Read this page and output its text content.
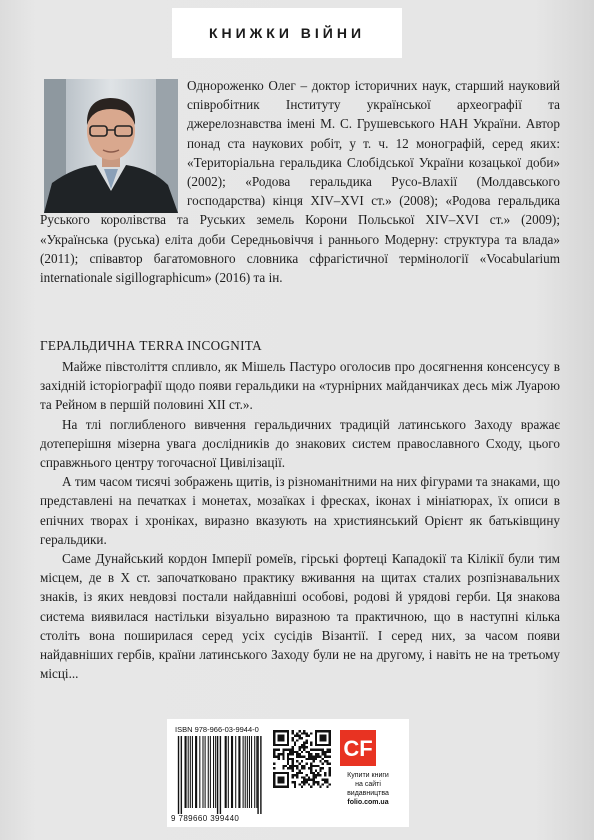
КНИЖКИ ВІЙНИ

Однороженко Олег – доктор історичних наук, старший науковий співробітник Інституту української археографії та джерелознавства імені М. С. Грушевського НАН України. Автор понад ста наукових робіт, у т. ч. 12 монографій, серед яких: «Територіальна геральдика Слобідської України козацької доби» (2002); «Родова геральдика Русо-Влахії (Молдавського господарства) кінця XIV–XVI ст.» (2008); «Родова геральдика Руського королівства та Руських земель Корони Польської XIV–XVI ст.» (2009); «Українська (руська) еліта доби Середньовіччя і раннього Модерну: структура та влада» (2011); співавтор багатомовного словника сфрагістичної термінології «Vocabularium internationale sigillographicum» (2016) та ін.

ГЕРАЛЬДИЧНА TERRA INCOGNITA

Майже півстоліття спливло, як Мішель Пастуро оголосив про досягнення консенсусу в західній історіографії щодо появи геральдики на «турнірних майданчиках десь між Луарою та Рейном в першій половині XII ст.».

На тлі поглибленого вивчення геральдичних традицій латинського Заходу вражає дотеперішня мізерна увага дослідників до знакових систем православного Сходу, цього справжнього центру тогочасної Цивілізації.

А тим часом тисячі зображень щитів, із різноманітними на них фігурами та знаками, що представлені на печатках і монетах, мозаїках і фресках, іконах і мініатюрах, їх описи в епічних творах і хроніках, виразно вказують на християнський Орієнт як батьківщину геральдики.

Саме Дунайський кордон Імперії ромеїв, гірські фортеці Кападокії та Кілікії були тим місцем, де в X ст. започатковано практику вживання на щитах сталих розпізнавальних знаків, із яких невдовзі постали найдавніші особові, родові й урядові герби. Ця знакова система виявилася настільки візуально виразною та практичною, що в наступні кілька століть вона поширилася серед усіх сусідів Візантії. І серед них, за часом появи найдавніших гербів, країни латинського Заходу були не на другому, і навіть не на третьому місці...

ISBN 978-966-03-9944-0
9 789660 399440
CF
Купити книги
на сайті
видавництва
folio.com.ua
